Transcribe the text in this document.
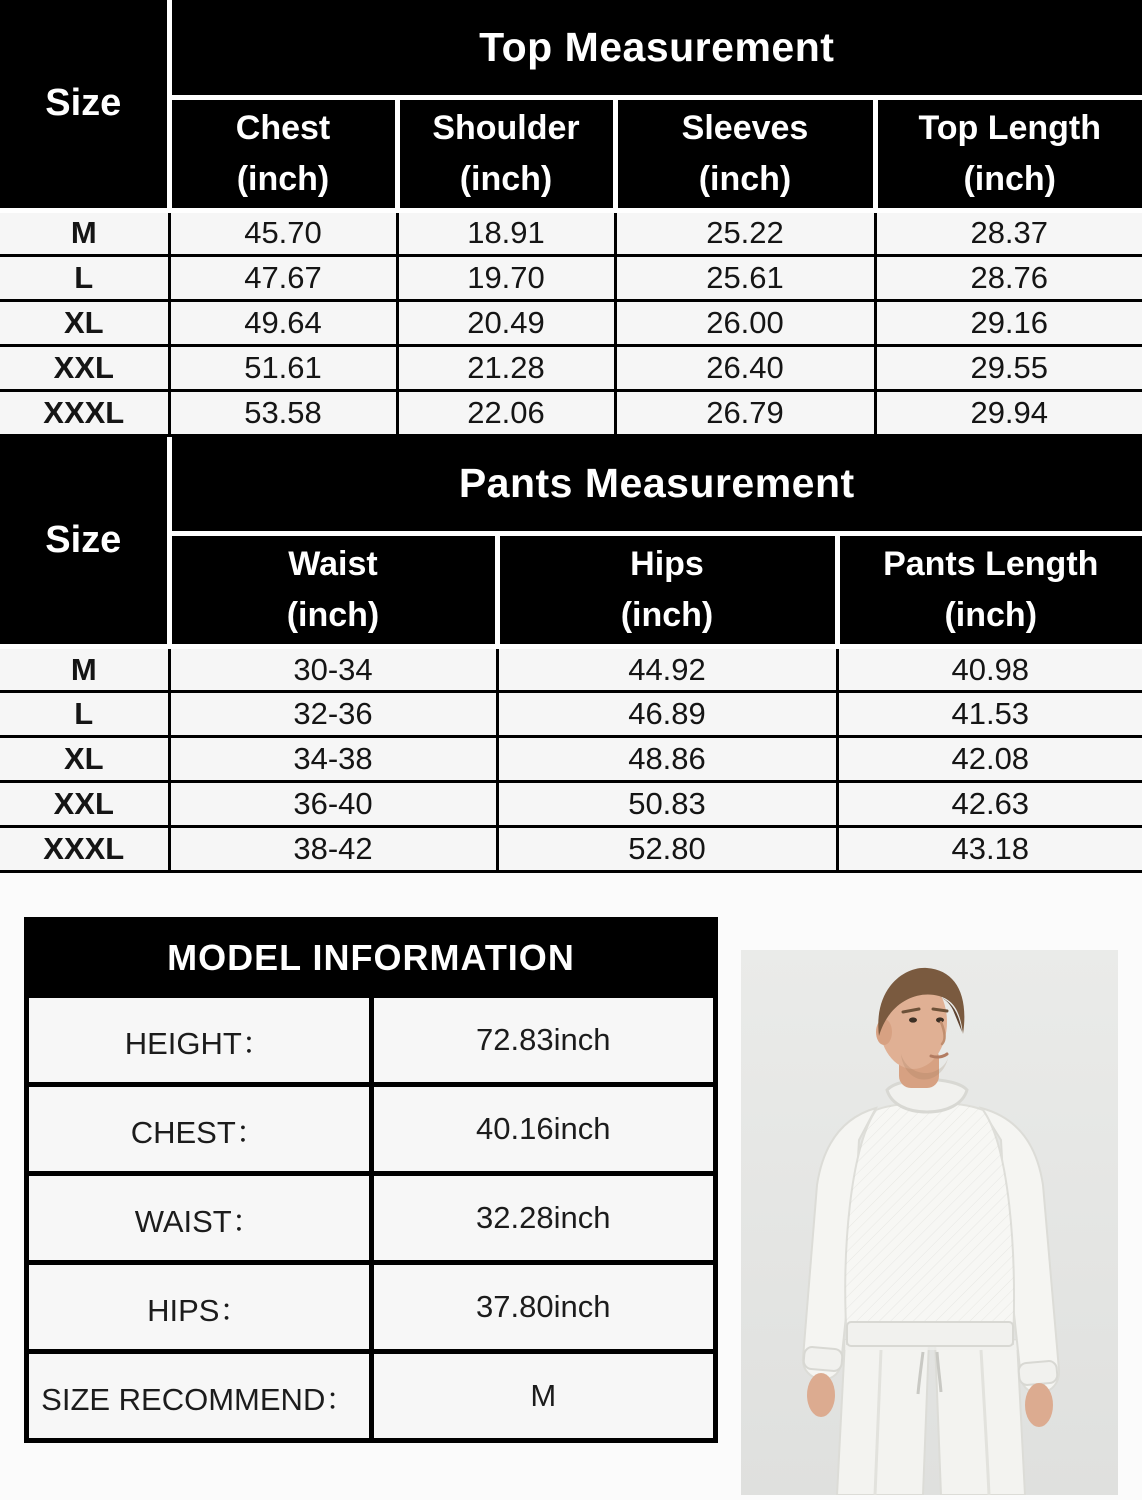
Size	Top Measurement			

Chest
(inch)

Shoulder
(inch)

Sleeves
(inch)

Top Length
(inch)

M	45.70	18.91	25.22	28.37
L	47.67	19.70	25.61	28.76
XL	49.64	20.49	26.00	29.16
XXL	51.61	21.28	26.40	29.55
XXXL	53.58	22.06	26.79	29.94
Size	Pants Measurement		

Waist
(inch)

Hips
(inch)

Pants Length
(inch)

M	30-34	44.92	40.98
L	32-36	46.89	41.53
XL	34-38	48.86	42.08
XXL	36-40	50.83	42.63
XXXL	38-42	52.80	43.18
MODEL INFORMATION	
HEIGHT：	72.83inch
CHEST：	40.16inch
WAIST：	32.28inch
HIPS：	37.80inch
SIZE RECOMMEND：	M
